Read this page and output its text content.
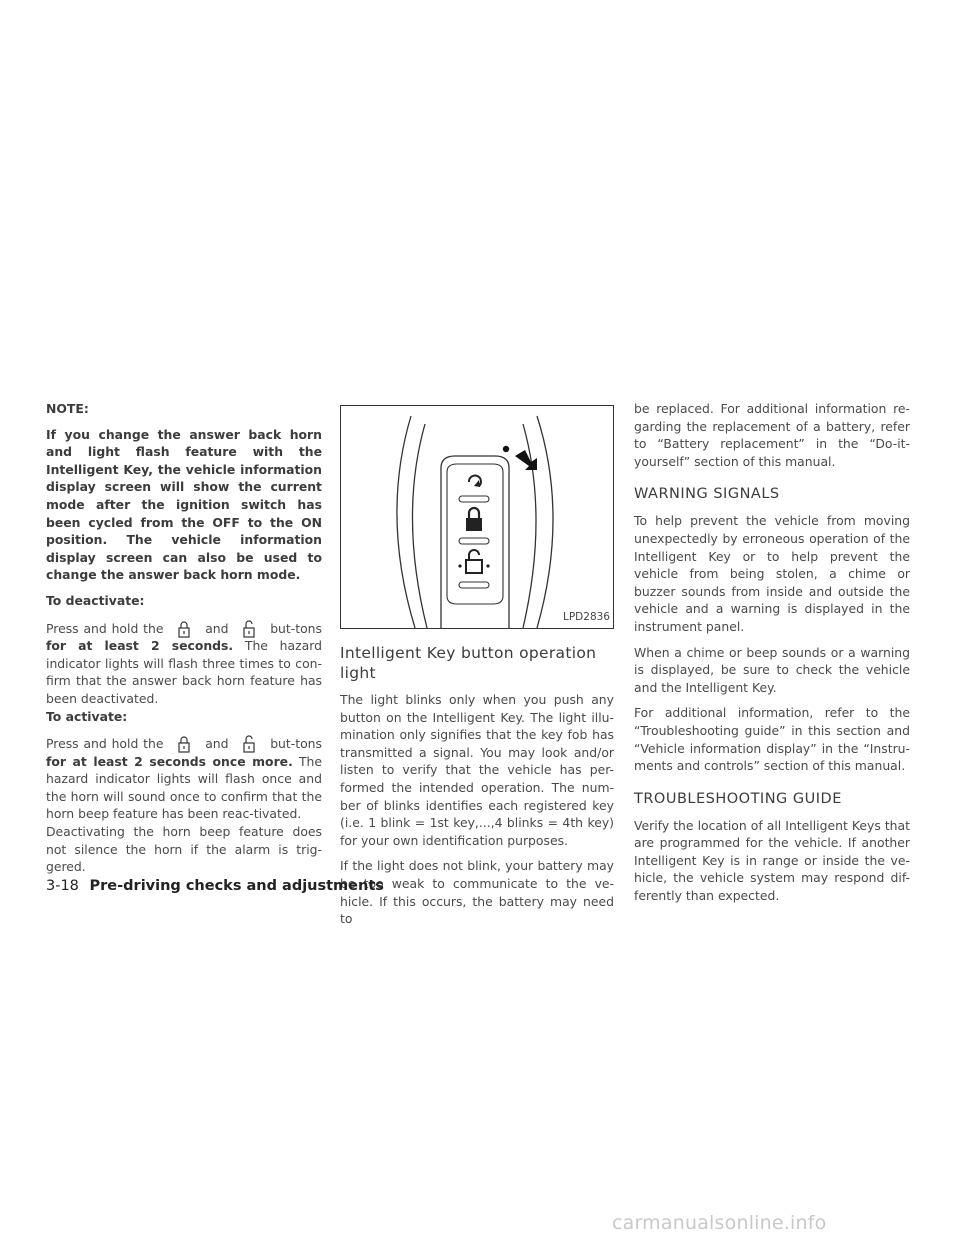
NOTE:

If you change the answer back horn and light flash feature with the Intelligent Key, the vehicle information display screen will show the current mode after the ignition switch has been cycled from the OFF to the ON position. The vehicle information display screen can also be used to change the answer back horn mode.

To deactivate:

Press and hold the	and	but-tons for at least 2 seconds. The hazard indicator lights will flash three times to con-firm that the answer back horn feature has been deactivated.

To activate:

Press and hold the	and	but-tons for at least 2 seconds once more. The hazard indicator lights will flash once and the horn will sound once to confirm that the horn beep feature has been reac-tivated.

Deactivating the horn beep feature does not silence the horn if the alarm is trig-gered.

LPD2836
Intelligent Key button operation light

The light blinks only when you push any button on the Intelligent Key. The light illu-mination only signifies that the key fob has transmitted a signal. You may look and/or listen to verify that the vehicle has per-formed the intended operation. The num-ber of blinks identifies each registered key (i.e. 1 blink = 1st key,...,4 blinks = 4th key) for your own identification purposes.

If the light does not blink, your battery may be too weak to communicate to the ve-hicle. If this occurs, the battery may need to

be replaced. For additional information re-garding the replacement of a battery, refer to “Battery replacement” in the “Do-it-yourself” section of this manual.

WARNING SIGNALS

To help prevent the vehicle from moving unexpectedly by erroneous operation of the Intelligent Key or to help prevent the vehicle from being stolen, a chime or buzzer sounds from inside and outside the vehicle and a warning is displayed in the instrument panel.

When a chime or beep sounds or a warning is displayed, be sure to check the vehicle and the Intelligent Key.

For additional information, refer to the “Troubleshooting guide” in this section and “Vehicle information display” in the “Instru-ments and controls” section of this manual.

TROUBLESHOOTING GUIDE

Verify the location of all Intelligent Keys that are programmed for the vehicle. If another Intelligent Key is in range or inside the ve-hicle, the vehicle system may respond dif-ferently than expected.

3-18 Pre-driving checks and adjustments
carmanualsonline.info
